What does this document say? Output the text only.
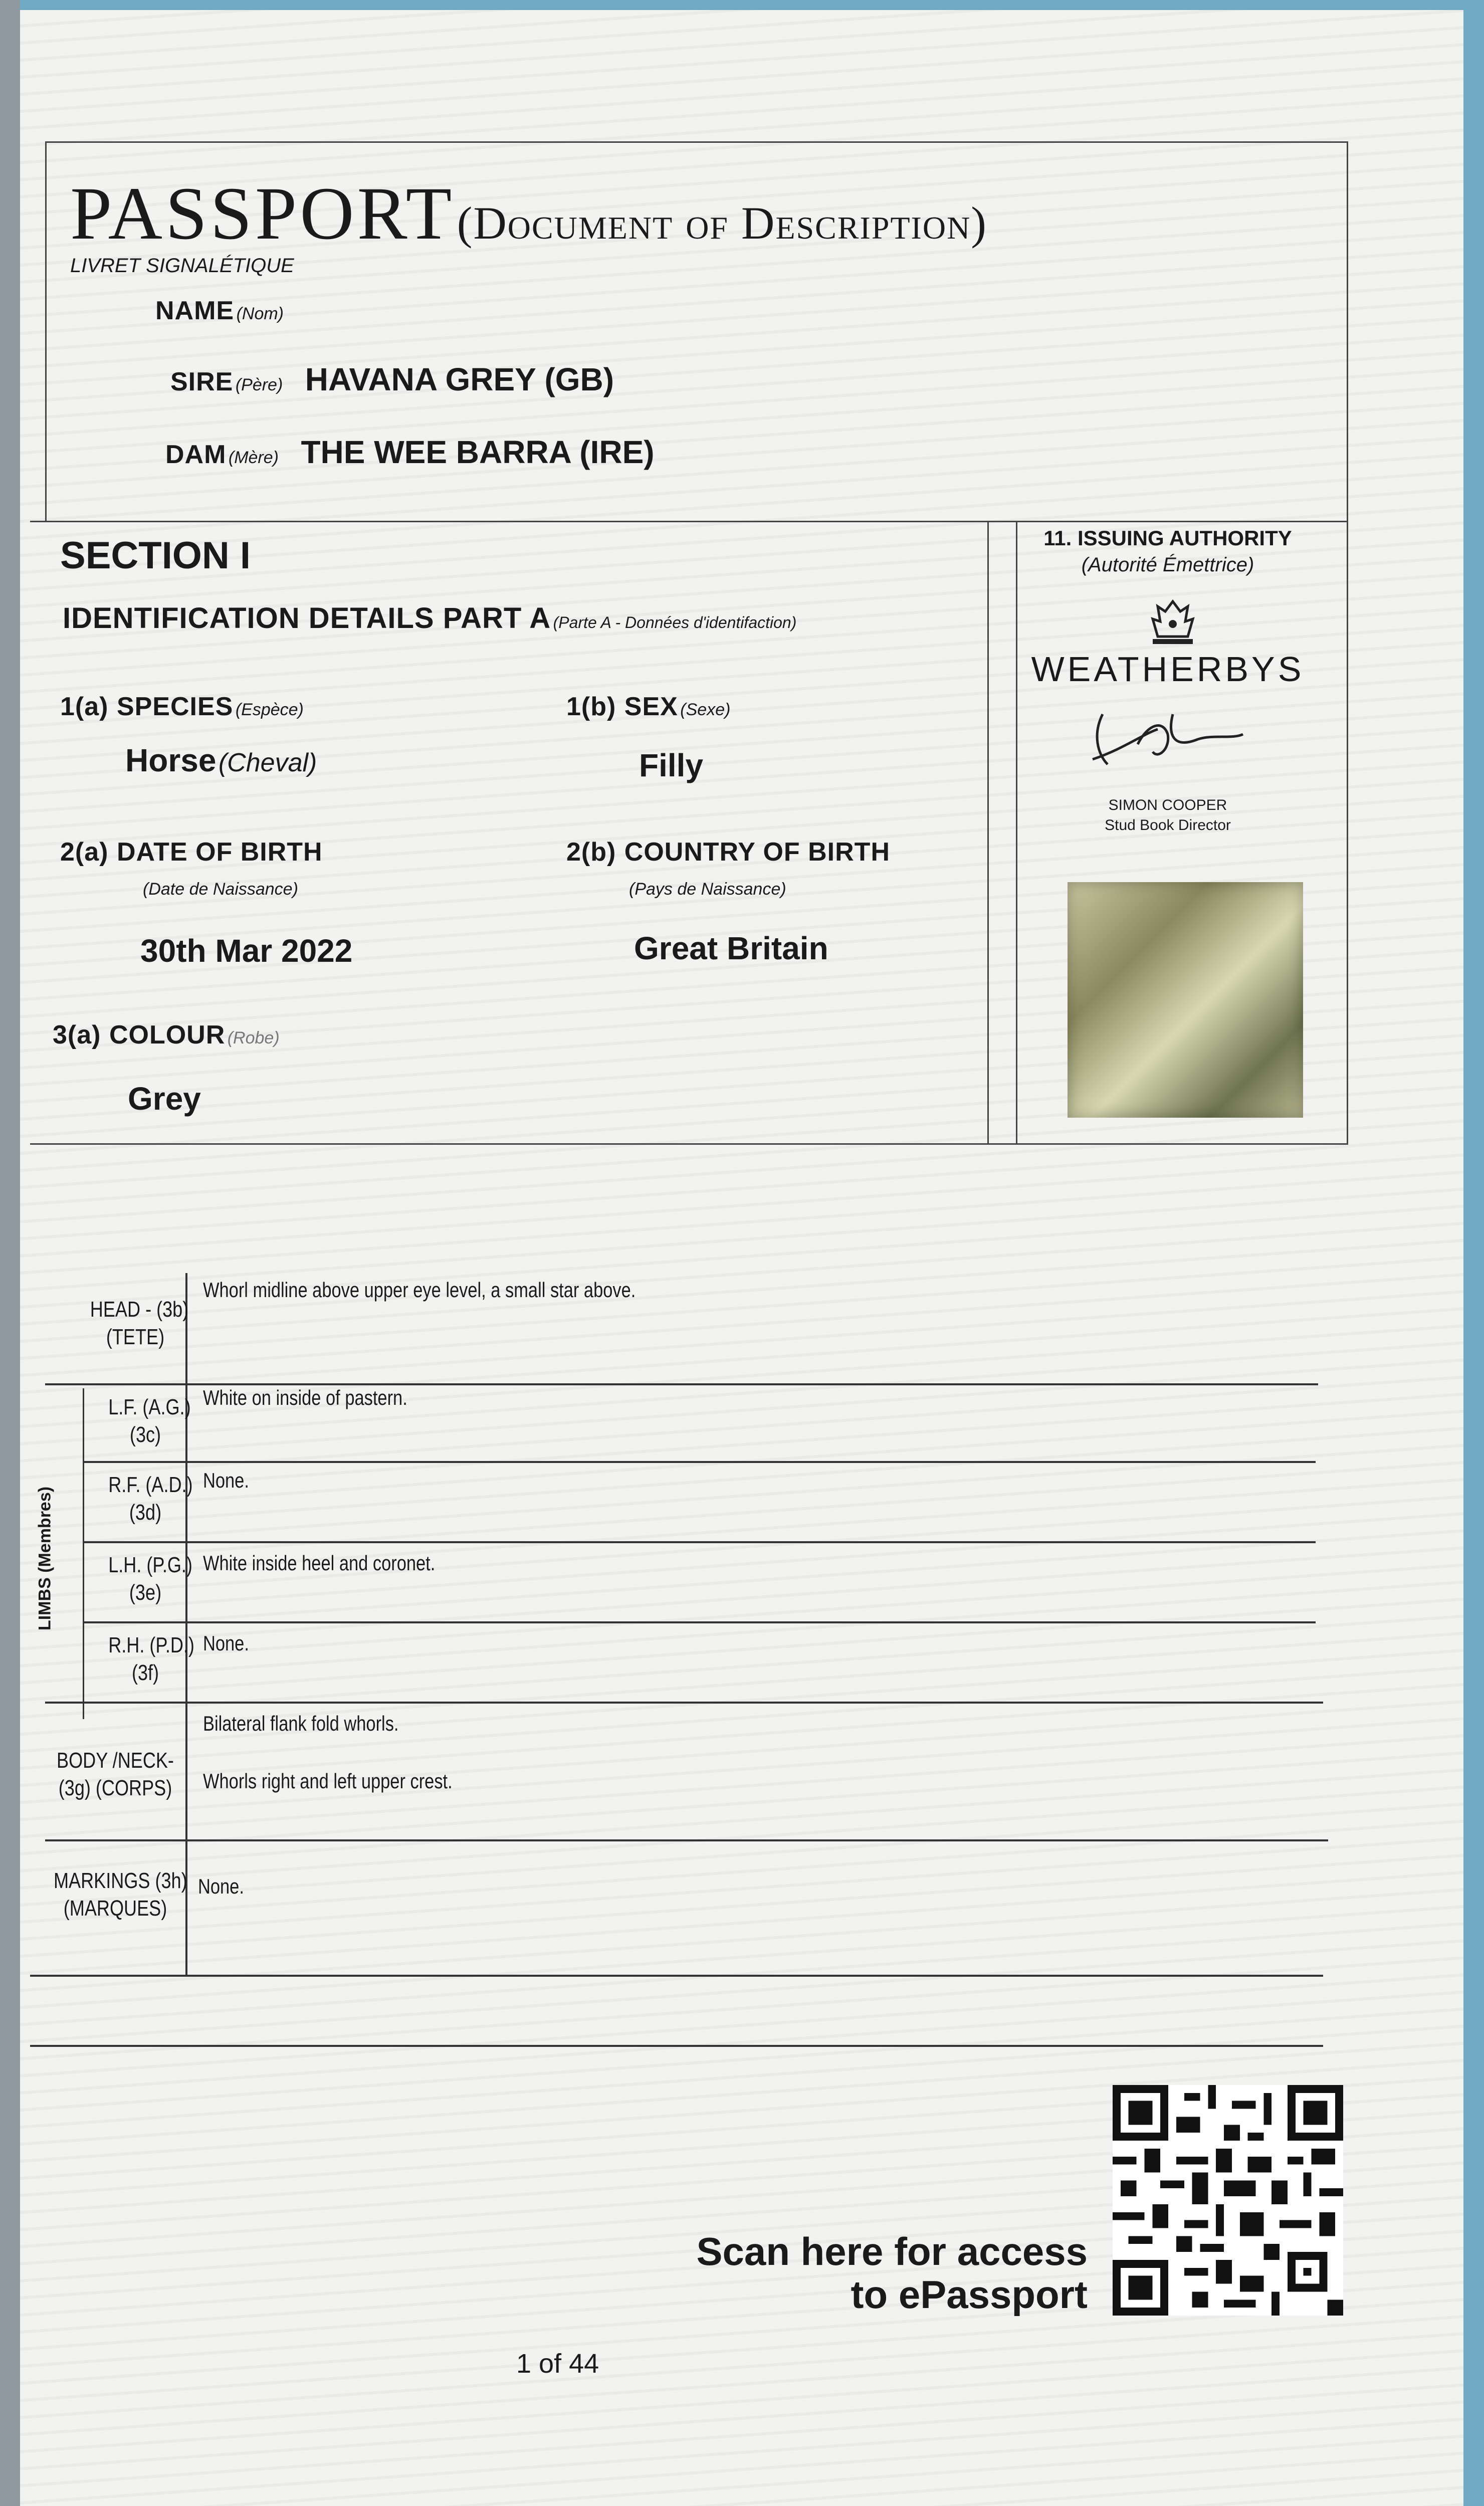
PASSPORT (Document of Description)
LIVRET SIGNALÉTIQUE
NAME (Nom)
SIRE (Père) HAVANA GREY (GB)
DAM (Mère) THE WEE BARRA (IRE)
SECTION I
IDENTIFICATION DETAILS PART A (Parte A - Données d'identifaction)
1(a) SPECIES (Espèce)
Horse (Cheval)
1(b) SEX (Sexe)
Filly
2(a) DATE OF BIRTH
(Date de Naissance)
30th Mar 2022
2(b) COUNTRY OF BIRTH
(Pays de Naissance)
Great Britain
3(a) COLOUR (Robe)
Grey
11. ISSUING AUTHORITY
(Autorité Émettrice)
WEATHERBYS
SIMON COOPER
Stud Book Director
LIMBS (Membres)
HEAD - (3b)
(TETE)
Whorl midline above upper eye level, a small star above.
L.F. (A.G.)
(3c)
White on inside of pastern.
R.F. (A.D.)
(3d)
None.
L.H. (P.G.)
(3e)
White inside heel and coronet.
R.H. (P.D.)
(3f)
None.
BODY /NECK-
(3g) (CORPS)
Bilateral flank fold whorls.
Whorls right and left upper crest.
MARKINGS (3h)
(MARQUES)
None.
Scan here for access
to ePassport
1 of 44
